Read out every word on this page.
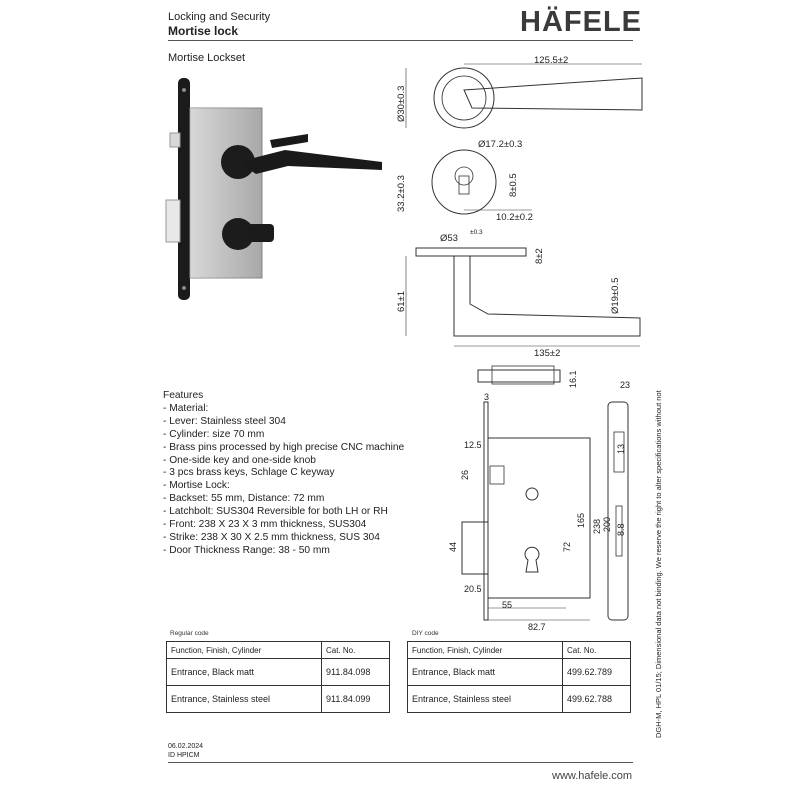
Locking and Security
Mortise lock	HÄFELE
Mortise Lockset	125.5±2
Ø30±0.3
Ø17.2±0.3
33.2±0.3	8±0.5
10.2±0.2
Ø53
±0.3
8±2
61±1	Ø19±0.5
135±2
Features
- Material:
- Lever: Stainless steel 304
- Cylinder: size 70 mm
- Brass pins processed by high precise CNC machine
- One-side key and one-side knob
- 3 pcs brass keys, Schlage C keyway
- Mortise Lock:
- Backset: 55 mm, Distance: 72 mm
- Latchbolt: SUS304 Reversible for both LH or RH
- Front: 238 X 23 X 3 mm thickness, SUS304
- Strike: 238 X 30 X 2.5 mm thickness, SUS 304
- Door Thickness Range: 38 - 50 mm
16.1
3
12.5
26
72
165
44
20.5
55
82.7
23
13
8.8
238 200	DGH-M, HPL 01/15; Dimensional data not binding. We reserve the right to alter specifications without notice.
Regular code
Function, Finish, Cylinder	Cat. No.
Entrance, Black matt	911.84.098
Entrance, Stainless steel	911.84.099
DIY code
Function, Finish, Cylinder	Cat. No.
Entrance, Black matt	499.62.789
Entrance, Stainless steel	499.62.788
06.02.2024
ID HPICM
www.hafele.com
